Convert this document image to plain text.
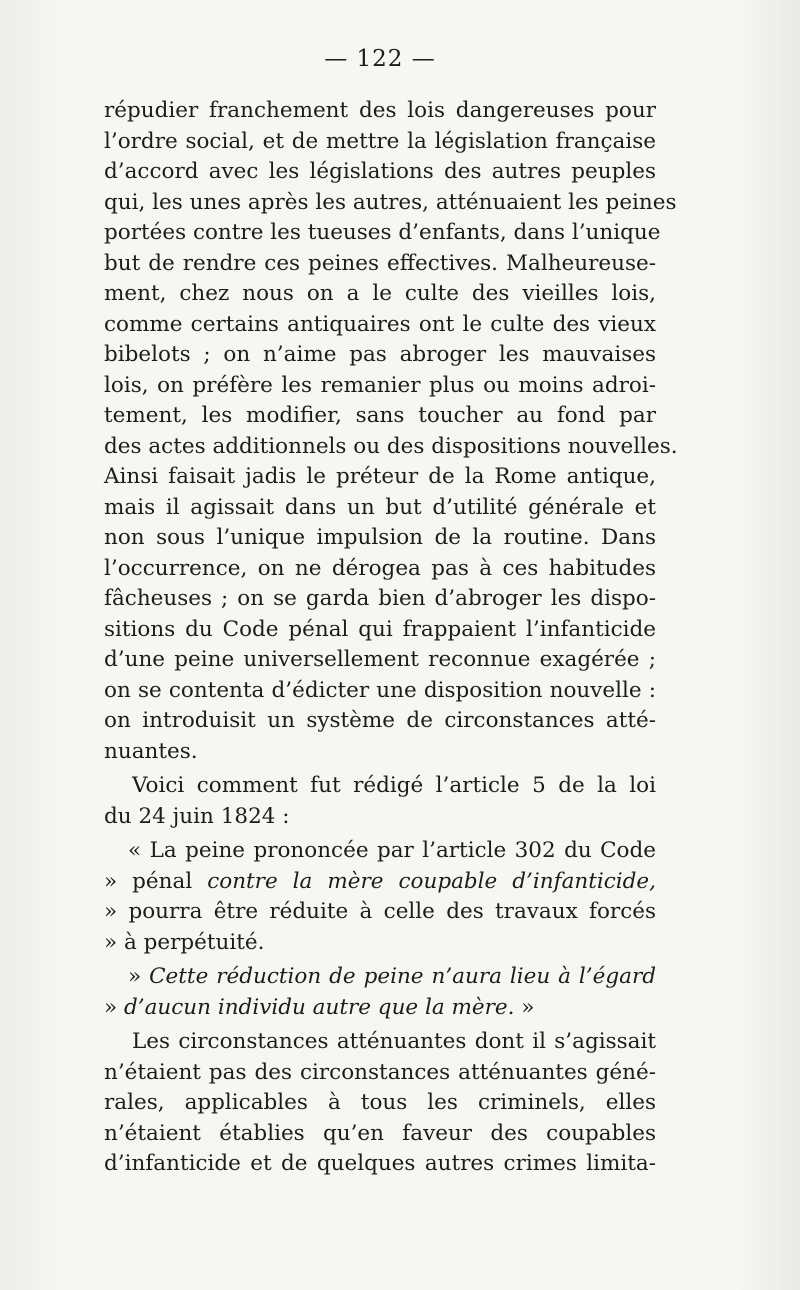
— 122 —
répudier franchement des lois dangereuses pour
l’ordre social, et de mettre la législation française
d’accord avec les législations des autres peuples
qui, les unes après les autres, atténuaient les peines
portées contre les tueuses d’enfants, dans l’unique
but de rendre ces peines effectives. Malheureuse-
ment, chez nous on a le culte des vieilles lois,
comme certains antiquaires ont le culte des vieux
bibelots ; on n’aime pas abroger les mauvaises
lois, on préfère les remanier plus ou moins adroi-
tement, les modifier, sans toucher au fond par
des actes additionnels ou des dispositions nouvelles.
Ainsi faisait jadis le préteur de la Rome antique,
mais il agissait dans un but d’utilité générale et
non sous l’unique impulsion de la routine. Dans
l’occurrence, on ne dérogea pas à ces habitudes
fâcheuses ; on se garda bien d’abroger les dispo-
sitions du Code pénal qui frappaient l’infanticide
d’une peine universellement reconnue exagérée ;
on se contenta d’édicter une disposition nouvelle :
on introduisit un système de circonstances atté-
nuantes.
Voici comment fut rédigé l’article 5 de la loi
du 24 juin 1824 :
« La peine prononcée par l’article 302 du Code
» pénal contre la mère coupable d’infanticide,
» pourra être réduite à celle des travaux forcés
» à perpétuité.
» Cette réduction de peine n’aura lieu à l’égard
» d’aucun individu autre que la mère. »
Les circonstances atténuantes dont il s’agissait
n’étaient pas des circonstances atténuantes géné-
rales, applicables à tous les criminels, elles
n’étaient établies qu’en faveur des coupables
d’infanticide et de quelques autres crimes limita-
